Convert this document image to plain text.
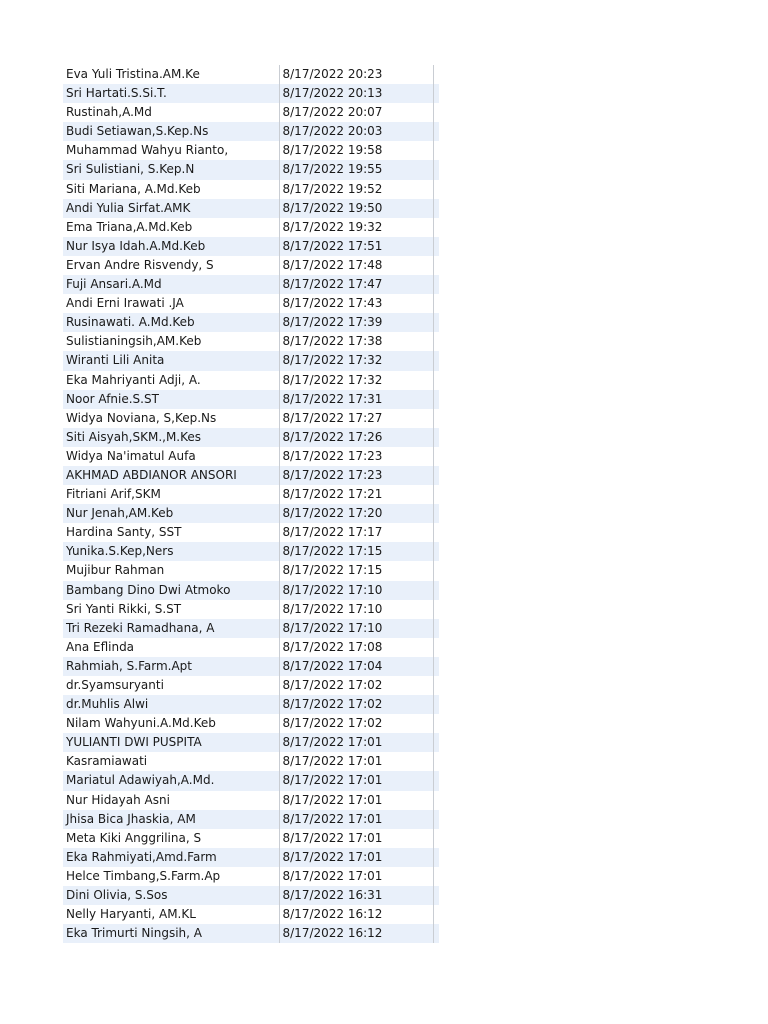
Eva Yuli Tristina.AM.Ke	8/17/2022 20:23	
Sri Hartati.S.Si.T.	8/17/2022 20:13	
Rustinah,A.Md	8/17/2022 20:07	
Budi Setiawan,S.Kep.Ns	8/17/2022 20:03	
Muhammad Wahyu Rianto,	8/17/2022 19:58	
Sri Sulistiani, S.Kep.N	8/17/2022 19:55	
Siti Mariana, A.Md.Keb	8/17/2022 19:52	
Andi Yulia Sirfat.AMK	8/17/2022 19:50	
Ema Triana,A.Md.Keb	8/17/2022 19:32	
Nur Isya Idah.A.Md.Keb	8/17/2022 17:51	
Ervan Andre Risvendy, S	8/17/2022 17:48	
Fuji Ansari.A.Md	8/17/2022 17:47	
Andi Erni Irawati .JA	8/17/2022 17:43	
Rusinawati. A.Md.Keb	8/17/2022 17:39	
Sulistianingsih,AM.Keb	8/17/2022 17:38	
Wiranti Lili Anita	8/17/2022 17:32	
Eka Mahriyanti Adji, A.	8/17/2022 17:32	
Noor Afnie.S.ST	8/17/2022 17:31	
Widya Noviana, S,Kep.Ns	8/17/2022 17:27	
Siti Aisyah,SKM.,M.Kes	8/17/2022 17:26	
Widya Na'imatul Aufa	8/17/2022 17:23	
AKHMAD ABDIANOR ANSORI	8/17/2022 17:23	
Fitriani Arif,SKM	8/17/2022 17:21	
Nur Jenah,AM.Keb	8/17/2022 17:20	
Hardina Santy, SST	8/17/2022 17:17	
Yunika.S.Kep,Ners	8/17/2022 17:15	
Mujibur Rahman	8/17/2022 17:15	
Bambang Dino Dwi Atmoko	8/17/2022 17:10	
Sri Yanti Rikki, S.ST	8/17/2022 17:10	
Tri Rezeki Ramadhana, A	8/17/2022 17:10	
Ana Eflinda	8/17/2022 17:08	
Rahmiah, S.Farm.Apt	8/17/2022 17:04	
dr.Syamsuryanti	8/17/2022 17:02	
dr.Muhlis Alwi	8/17/2022 17:02	
Nilam Wahyuni.A.Md.Keb	8/17/2022 17:02	
YULIANTI DWI PUSPITA	8/17/2022 17:01	
Kasramiawati	8/17/2022 17:01	
Mariatul Adawiyah,A.Md.	8/17/2022 17:01	
Nur Hidayah Asni	8/17/2022 17:01	
Jhisa Bica Jhaskia, AM	8/17/2022 17:01	
Meta Kiki Anggrilina, S	8/17/2022 17:01	
Eka Rahmiyati,Amd.Farm	8/17/2022 17:01	
Helce Timbang,S.Farm.Ap	8/17/2022 17:01	
Dini Olivia, S.Sos	8/17/2022 16:31	
Nelly Haryanti, AM.KL	8/17/2022 16:12	
Eka Trimurti Ningsih, A	8/17/2022 16:12	
